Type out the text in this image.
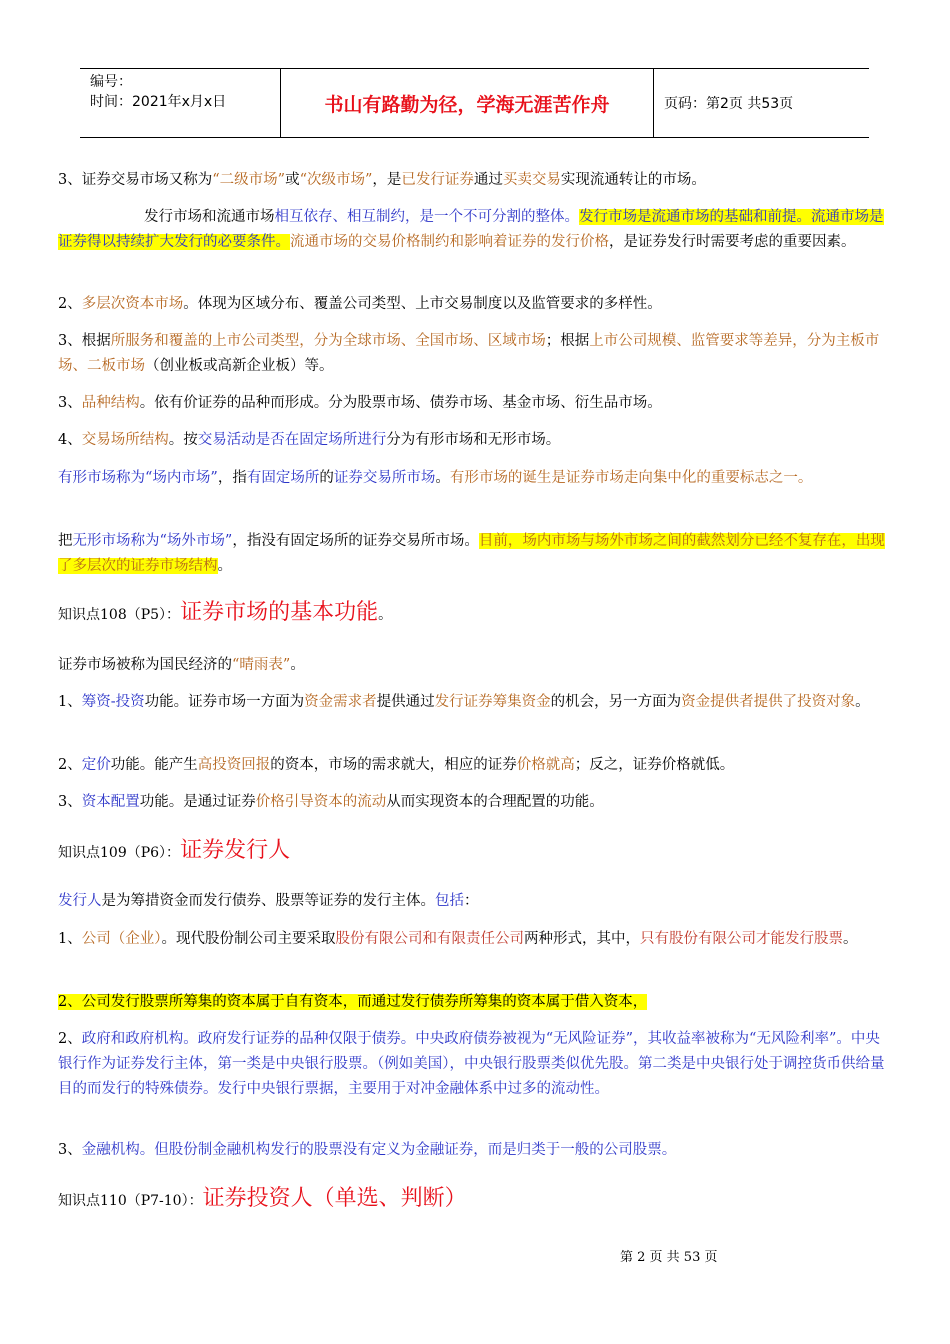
编号：
时间：2021年x月x日	书山有路勤为径，学海无涯苦作舟	页码：第2页 共53页
3、证券交易市场又称为“二级市场”或“次级市场”，是已发行证券通过买卖交易实现流通转让的市场。
发行市场和流通市场相互依存、相互制约，是一个不可分割的整体。发行市场是流通市场的基础和前提。流通市场是证券得以持续扩大发行的必要条件。流通市场的交易价格制约和影响着证券的发行价格，是证券发行时需要考虑的重要因素。
2、多层次资本市场。体现为区域分布、覆盖公司类型、上市交易制度以及监管要求的多样性。
3、根据所服务和覆盖的上市公司类型，分为全球市场、全国市场、区域市场；根据上市公司规模、监管要求等差异，分为主板市场、二板市场（创业板或高新企业板）等。
3、品种结构。依有价证券的品种而形成。分为股票市场、债券市场、基金市场、衍生品市场。
4、交易场所结构。按交易活动是否在固定场所进行分为有形市场和无形市场。
有形市场称为“场内市场”，指有固定场所的证券交易所市场。有形市场的诞生是证券市场走向集中化的重要标志之一。
把无形市场称为“场外市场”，指没有固定场所的证券交易所市场。目前，场内市场与场外市场之间的截然划分已经不复存在，出现了多层次的证券市场结构。
知识点108（P5）：证券市场的基本功能。
证券市场被称为国民经济的“晴雨表”。
1、筹资-投资功能。证券市场一方面为资金需求者提供通过发行证券筹集资金的机会，另一方面为资金提供者提供了投资对象。
2、定价功能。能产生高投资回报的资本，市场的需求就大，相应的证券价格就高；反之，证券价格就低。
3、资本配置功能。是通过证券价格引导资本的流动从而实现资本的合理配置的功能。
知识点109（P6）：证券发行人
发行人是为筹措资金而发行债券、股票等证券的发行主体。包括：
1、公司（企业）。现代股份制公司主要采取股份有限公司和有限责任公司两种形式，其中，只有股份有限公司才能发行股票。
2、公司发行股票所筹集的资本属于自有资本，而通过发行债券所筹集的资本属于借入资本，
2、政府和政府机构。政府发行证券的品种仅限于债券。中央政府债券被视为“无风险证券”，其收益率被称为“无风险利率”。中央银行作为证券发行主体，第一类是中央银行股票。（例如美国），中央银行股票类似优先股。第二类是中央银行处于调控货币供给量目的而发行的特殊债券。发行中央银行票据，主要用于对冲金融体系中过多的流动性。
3、金融机构。但股份制金融机构发行的股票没有定义为金融证券，而是归类于一般的公司股票。
知识点110（P7-10）：证券投资人（单选、判断）
第 2 页 共 53 页
